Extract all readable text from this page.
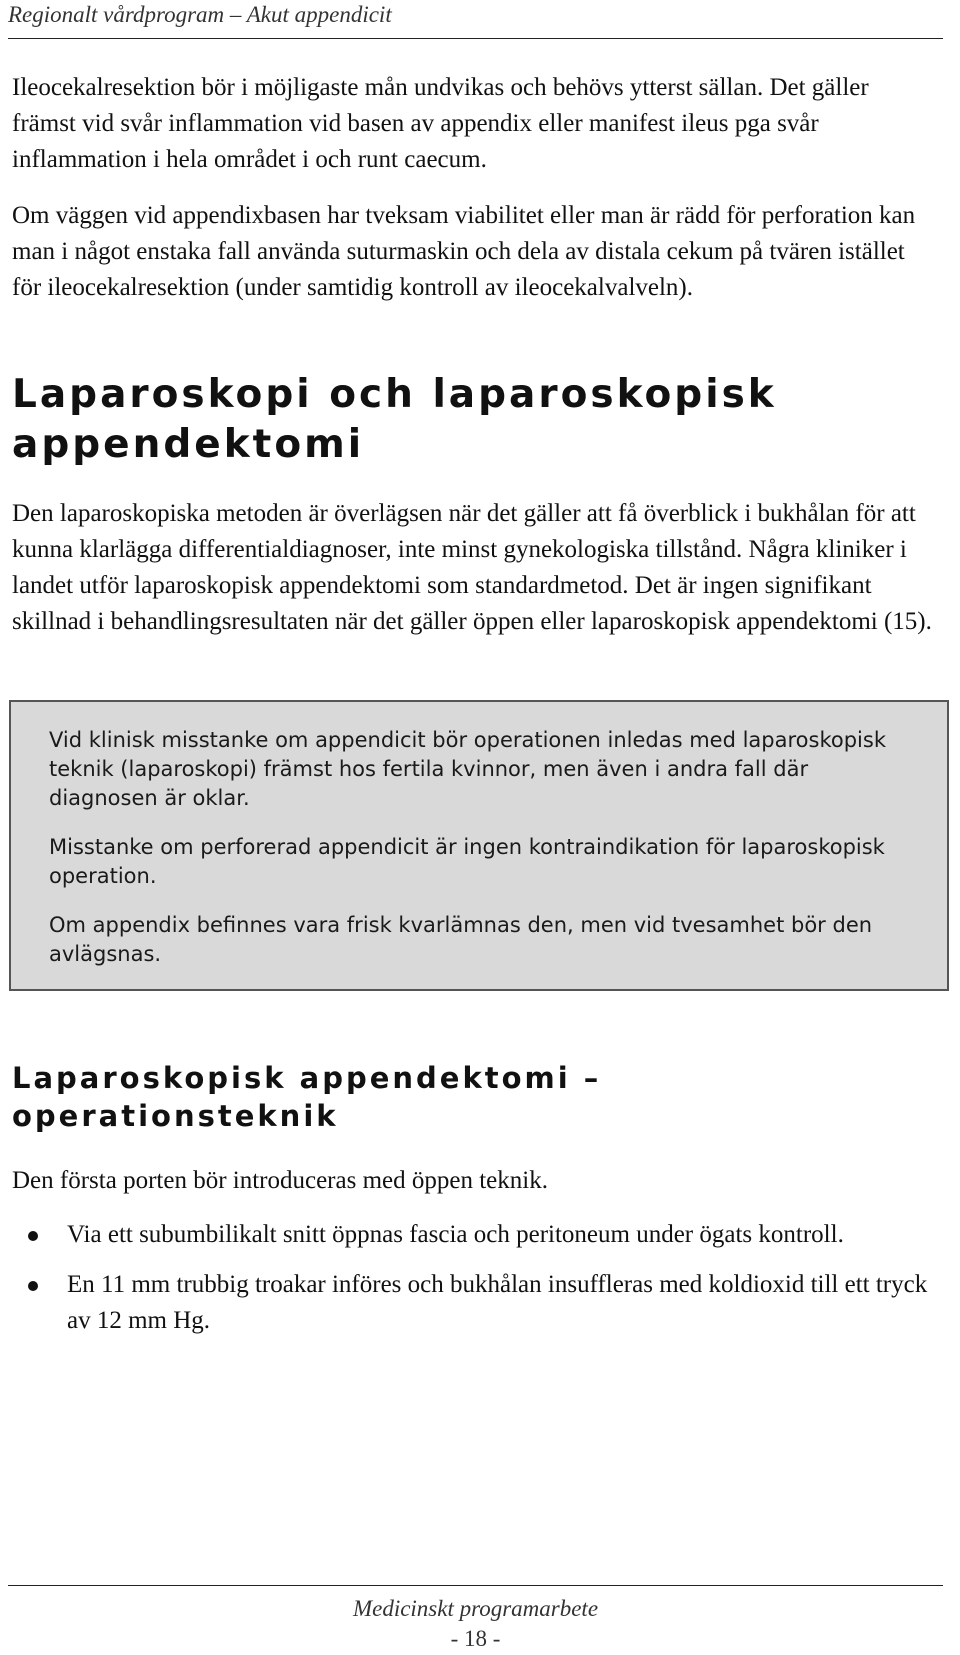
Regionalt vårdprogram – Akut appendicit

Ileocekalresektion bör i möjligaste mån undvikas och behövs ytterst sällan. Det gäller främst vid svår inflammation vid basen av appendix eller manifest ileus pga svår inflammation i hela området i och runt caecum.

Om väggen vid appendixbasen har tveksam viabilitet eller man är rädd för perforation kan man i något enstaka fall använda suturmaskin och dela av distala cekum på tvären istället för ileocekalresektion (under samtidig kontroll av ileocekalvalveln).

Laparoskopi och laparoskopisk appendektomi

Den laparoskopiska metoden är överlägsen när det gäller att få överblick i bukhålan för att kunna klarlägga differentialdiagnoser, inte minst gynekologiska tillstånd. Några kliniker i landet utför laparoskopisk appendektomi som standardmetod. Det är ingen signifikant skillnad i behandlingsresultaten när det gäller öppen eller laparoskopisk appendektomi (15).

Vid klinisk misstanke om appendicit bör operationen inledas med laparoskopisk teknik (laparoskopi) främst hos fertila kvinnor, men även i andra fall där diagnosen är oklar.

Misstanke om perforerad appendicit är ingen kontraindikation för laparoskopisk operation.

Om appendix befinnes vara frisk kvarlämnas den, men vid tvesamhet bör den avlägsnas.

Laparoskopisk appendektomi – operationsteknik

Den första porten bör introduceras med öppen teknik.

Via ett subumbilikalt snitt öppnas fascia och peritoneum under ögats kontroll.
En 11 mm trubbig troakar införes och bukhålan insuffleras med koldioxid till ett tryck av 12 mm Hg.
Medicinskt programarbete
- 18 -
